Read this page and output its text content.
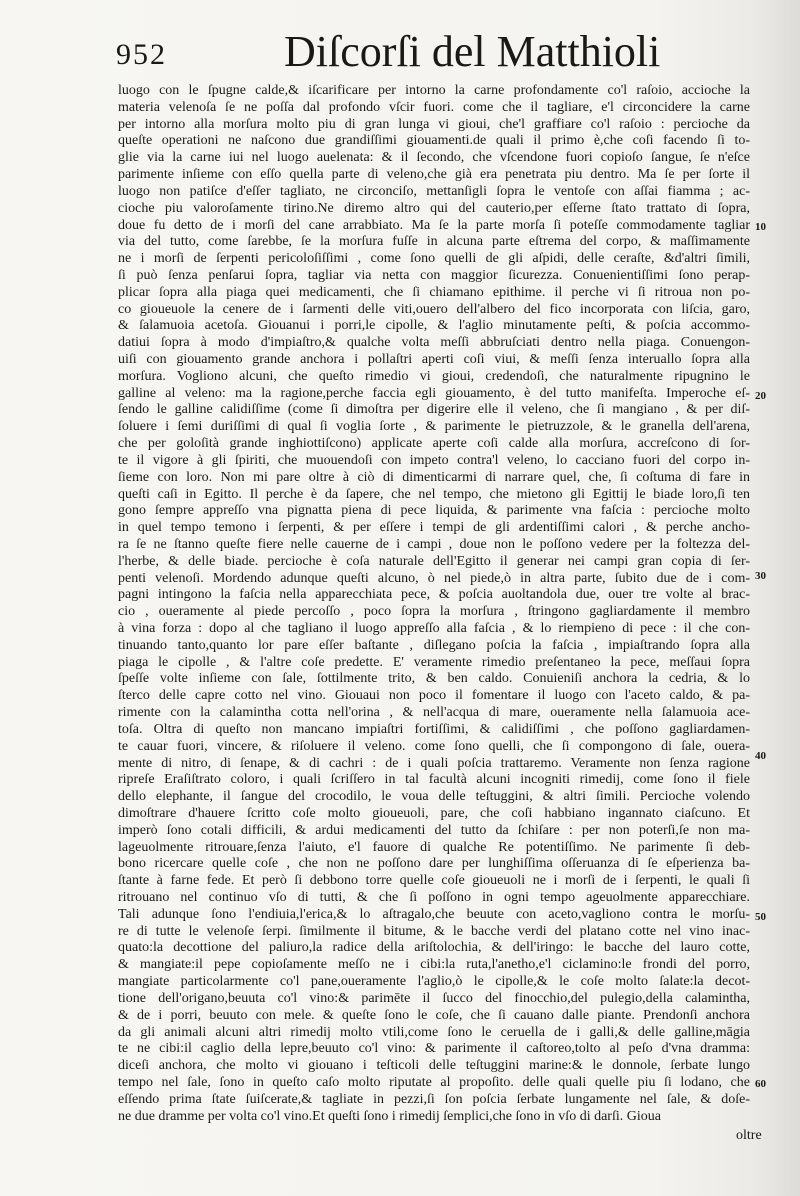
952	Diſcorſi del Matthioli
luogo con le ſpugne calde,& iſcarificare per intorno la carne profondamente co'l raſoio, accioche la
materia velenoſa ſe ne poſſa dal profondo vſcir fuori. come che il tagliare, e'l circoncidere la carne
per intorno alla morſura molto piu di gran lunga vi gioui, che'l graffiare co'l raſoio : percioche da
queſte operationi ne naſcono due grandiſſimi giouamenti.de quali il primo è,che coſi facendo ſi to-
glie via la carne iui nel luogo auelenata: & il ſecondo, che vſcendone fuori copioſo ſangue, ſe n'eſce
parimente inſieme con eſſo quella parte di veleno,che già era penetrata piu dentro. Ma ſe per ſorte il
luogo non patiſce d'eſſer tagliato, ne circonciſo, mettanſigli ſopra le ventoſe con aſſai fiamma ; ac-
cioche piu valoroſamente tirino.Ne diremo altro qui del cauterio,per eſſerne ſtato trattato di ſopra,
doue fu detto de i morſi del cane arrabbiato. Ma ſe la parte morſa ſi poteſſe commodamente tagliar
via del tutto, come ſarebbe, ſe la morſura fuſſe in alcuna parte eſtrema del corpo, & maſſimamente
ne i morſi de ſerpenti pericoloſiſſimi , come ſono quelli de gli aſpidi, delle ceraſte, &d'altri ſimili,
ſi può ſenza penſarui ſopra, tagliar via netta con maggior ſicurezza. Conuenientiſſimi ſono perap-
plicar ſopra alla piaga quei medicamenti, che ſi chiamano epithime. il perche vi ſi ritroua non po-
co gioueuole la cenere de i ſarmenti delle viti,ouero dell'albero del fico incorporata con liſcia, garo,
& ſalamuoia acetoſa. Giouanui i porri,le cipolle, & l'aglio minutamente peſti, & poſcia accommo-
datiui ſopra à modo d'impiaſtro,& qualche volta meſſi abbruſciati dentro nella piaga. Conuengon-
uiſi con giouamento grande anchora i pollaſtri aperti coſi viui, & meſſi ſenza interuallo ſopra alla
morſura. Vogliono alcuni, che queſto rimedio vi gioui, credendoſi, che naturalmente ripugnino le
galline al veleno: ma la ragione,perche faccia egli giouamento, è del tutto manifeſta. Imperoche eſ-
ſendo le galline calidiſſime (come ſi dimoſtra per digerire elle il veleno, che ſi mangiano , & per diſ-
ſoluere i ſemi duriſſimi di qual ſi voglia ſorte , & parimente le pietruzzole, & le granella dell'arena,
che per goloſità grande inghiottiſcono) applicate aperte coſi calde alla morſura, accreſcono di ſor-
te il vigore à gli ſpiriti, che muouendoſi con impeto contra'l veleno, lo cacciano fuori del corpo in-
ſieme con loro. Non mi pare oltre à ciò di dimenticarmi di narrare quel, che, ſi coſtuma di fare in
queſti caſi in Egitto. Il perche è da ſapere, che nel tempo, che mietono gli Egittij le biade loro,ſi ten
gono ſempre appreſſo vna pignatta piena di pece liquida, & parimente vna faſcia : percioche molto
in quel tempo temono i ſerpenti, & per eſſere i tempi de gli ardentiſſimi calori , & perche ancho-
ra ſe ne ſtanno queſte fiere nelle cauerne de i campi , doue non le poſſono vedere per la foltezza del-
l'herbe, & delle biade. percioche è coſa naturale dell'Egitto il generar nei campi gran copia di ſer-
penti velenoſi. Mordendo adunque queſti alcuno, ò nel piede,ò in altra parte, ſubito due de i com-
pagni intingono la faſcia nella apparecchiata pece, & poſcia auoltandola due, ouer tre volte al brac-
cio , oueramente al piede percoſſo , poco ſopra la morſura , ſtringono gagliardamente il membro
à vina forza : dopo al che tagliano il luogo appreſſo alla faſcia , & lo riempieno di pece : il che con-
tinuando tanto,quanto lor pare eſſer baſtante , diſlegano poſcia la faſcia , impiaſtrando ſopra alla
piaga le cipolle , & l'altre coſe predette. E' veramente rimedio preſentaneo la pece, meſſaui ſopra
ſpeſſe volte inſieme con ſale, ſottilmente trito, & ben caldo. Conuieniſi anchora la cedria, & lo
ſterco delle capre cotto nel vino. Giouaui non poco il fomentare il luogo con l'aceto caldo, & pa-
rimente con la calamintha cotta nell'orina , & nell'acqua di mare, oueramente nella ſalamuoia ace-
toſa. Oltra di queſto non mancano impiaſtri fortiſſimi, & calidiſſimi , che poſſono gagliardamen-
te cauar fuori, vincere, & riſoluere il veleno. come ſono quelli, che ſi compongono di ſale, ouera-
mente di nitro, di ſenape, & di cachri : de i quali poſcia trattaremo. Veramente non ſenza ragione
ripreſe Eraſiſtrato coloro, i quali ſcriſſero in tal facultà alcuni incogniti rimedij, come ſono il fiele
dello elephante, il ſangue del crocodilo, le voua delle teſtuggini, & altri ſimili. Percioche volendo
dimoſtrare d'hauere ſcritto coſe molto gioueuoli, pare, che coſi habbiano ingannato ciaſcuno. Et
imperò ſono cotali difficili, & ardui medicamenti del tutto da ſchiſare : per non poterſi,ſe non ma-
lageuolmente ritrouare,ſenza l'aiuto, e'l fauore di qualche Re potentiſſimo. Ne parimente ſi deb-
bono ricercare quelle coſe , che non ne poſſono dare per lunghiſſima oſſeruanza di ſe eſperienza ba-
ſtante à farne fede. Et però ſi debbono torre quelle coſe gioueuoli ne i morſi de i ſerpenti, le quali ſi
ritrouano nel continuo vſo di tutti, & che ſi poſſono in ogni tempo ageuolmente apparecchiare.
Tali adunque ſono l'endiuia,l'erica,& lo aſtragalo,che beuute con aceto,vagliono contra le morſu-
re di tutte le velenoſe ſerpi. ſimilmente il bitume, & le bacche verdi del platano cotte nel vino inac-
quato:la decottione del paliuro,la radice della ariſtolochia, & dell'iringo: le bacche del lauro cotte,
& mangiate:il pepe copioſamente meſſo ne i cibi:la ruta,l'anetho,e'l ciclamino:le frondi del porro,
mangiate particolarmente co'l pane,oueramente l'aglio,ò le cipolle,& le coſe molto ſalate:la decot-
tione dell'origano,beuuta co'l vino:& parimēte il ſucco del finocchio,del pulegio,della calamintha,
& de i porri, beuuto con mele. & queſte ſono le coſe, che ſi cauano dalle piante. Prendonſi anchora
da gli animali alcuni altri rimedij molto vtili,come ſono le ceruella de i galli,& delle galline,māgia
te ne cibi:il caglio della lepre,beuuto co'l vino: & parimente il caſtoreo,tolto al peſo d'vna dramma:
diceſi anchora, che molto vi giouano i teſticoli delle teſtuggini marine:& le donnole, ſerbate lungo
tempo nel ſale, ſono in queſto caſo molto riputate al propoſito. delle quali quelle piu ſi lodano, che
eſſendo prima ſtate ſuiſcerate,& tagliate in pezzi,ſi ſon poſcia ſerbate lungamente nel ſale, & doſe-
ne due dramme per volta co'l vino.Et queſti ſono i rimedij ſemplici,che ſono in vſo di darſi. Gioua
10
20
30
40
50
60
oltre
